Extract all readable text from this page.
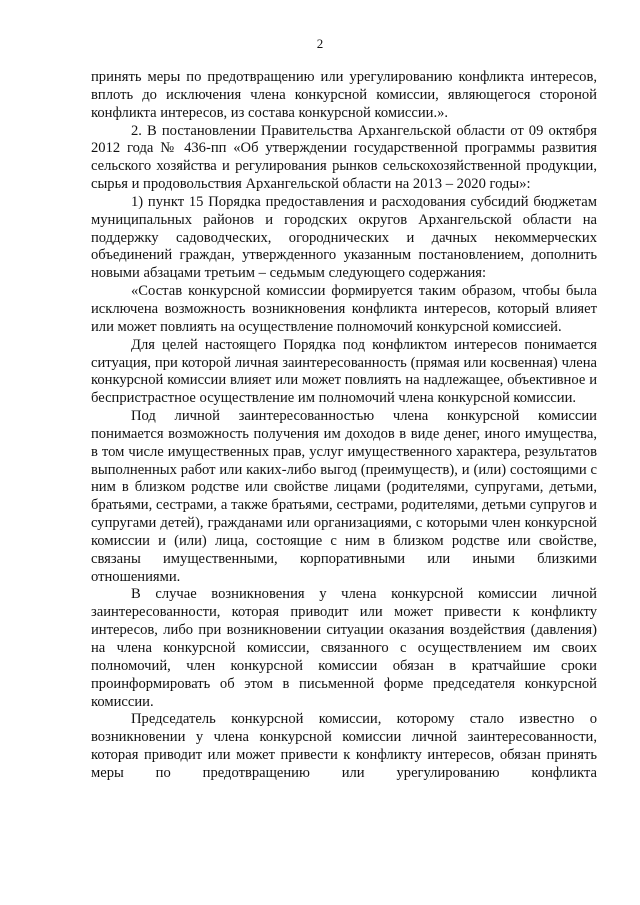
2

принять меры по предотвращению или урегулированию конфликта интересов, вплоть до исключения члена конкурсной комиссии, являющегося стороной конфликта интересов, из состава конкурсной комиссии.».

2. В постановлении Правительства Архангельской области от 09 октября 2012 года № 436-пп «Об утверждении государственной программы развития сельского хозяйства и регулирования рынков сельскохозяйственной продукции, сырья и продовольствия Архангельской области на 2013 – 2020 годы»:

1) пункт 15 Порядка предоставления и расходования субсидий бюджетам муниципальных районов и городских округов Архангельской области на поддержку садоводческих, огороднических и дачных некоммерческих объединений граждан, утвержденного указанным постановлением, дополнить новыми абзацами третьим – седьмым следующего содержания:

«Состав конкурсной комиссии формируется таким образом, чтобы была исключена возможность возникновения конфликта интересов, который влияет или может повлиять на осуществление полномочий конкурсной комиссией.

Для целей настоящего Порядка под конфликтом интересов понимается ситуация, при которой личная заинтересованность (прямая или косвенная) члена конкурсной комиссии влияет или может повлиять на надлежащее, объективное и беспристрастное осуществление им полномочий члена конкурсной комиссии.

Под личной заинтересованностью члена конкурсной комиссии понимается возможность получения им доходов в виде денег, иного имущества, в том числе имущественных прав, услуг имущественного характера, результатов выполненных работ или каких-либо выгод (преимуществ), и (или) состоящими с ним в близком родстве или свойстве лицами (родителями, супругами, детьми, братьями, сестрами, а также братьями, сестрами, родителями, детьми супругов и супругами детей), гражданами или организациями, с которыми член конкурсной комиссии и (или) лица, состоящие с ним в близком родстве или свойстве, связаны имущественными, корпоративными или иными близкими отношениями.

В случае возникновения у члена конкурсной комиссии личной заинтересованности, которая приводит или может привести к конфликту интересов, либо при возникновении ситуации оказания воздействия (давления) на члена конкурсной комиссии, связанного с осуществлением им своих полномочий, член конкурсной комиссии обязан в кратчайшие сроки проинформировать об этом в письменной форме председателя конкурсной комиссии.

Председатель конкурсной комиссии, которому стало известно о возникновении у члена конкурсной комиссии личной заинтересованности, которая приводит или может привести к конфликту интересов, обязан принять меры по предотвращению или урегулированию конфликта
